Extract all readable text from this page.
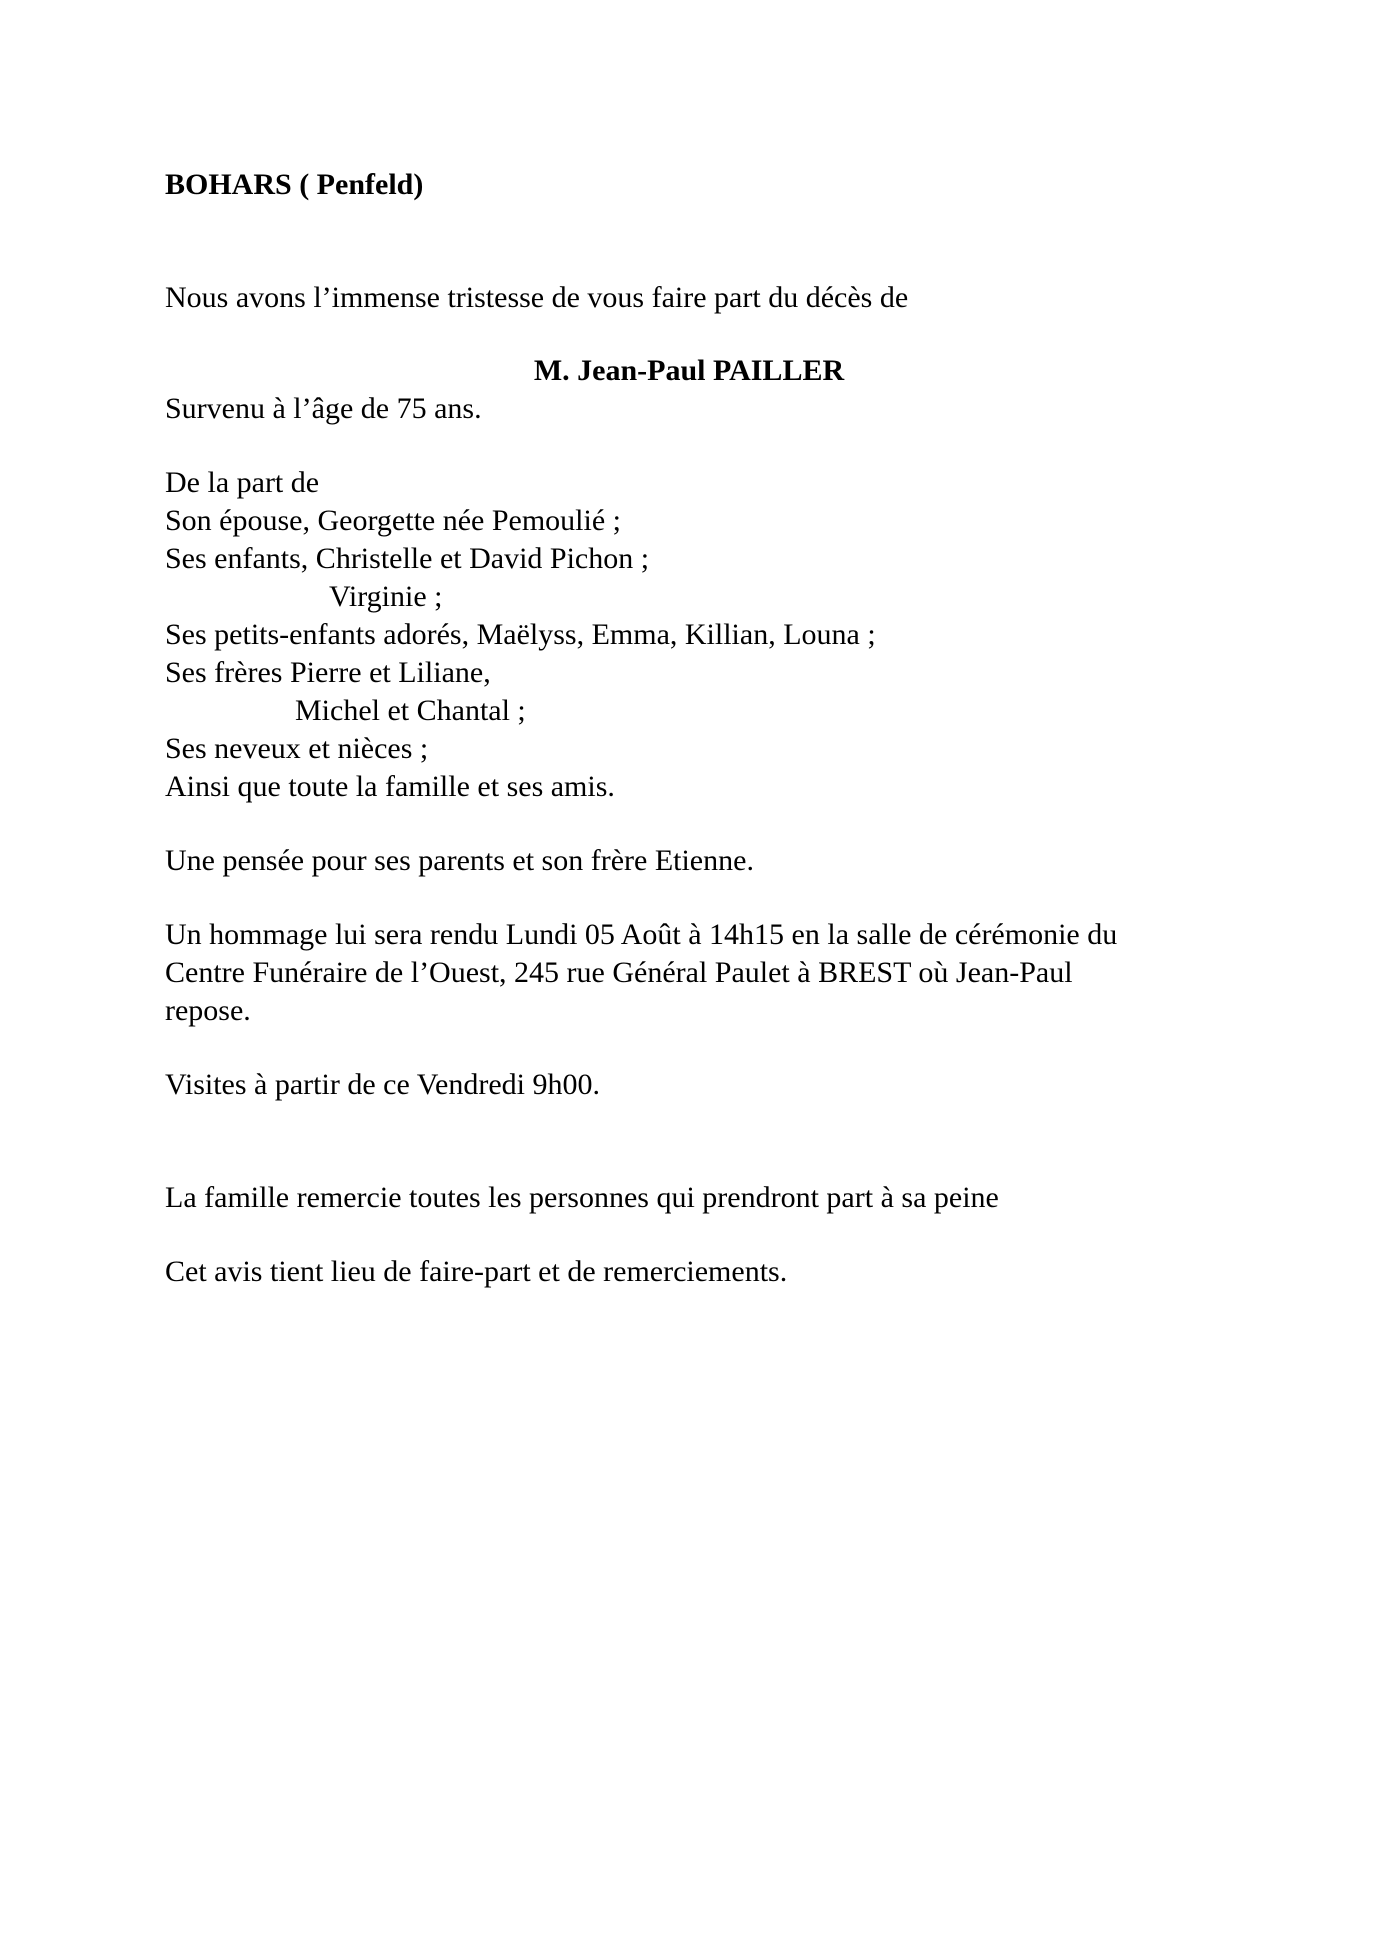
BOHARS ( Penfeld)
Nous avons l’immense tristesse de vous faire part du décès de
M. Jean-Paul PAILLER
Survenu à l’âge de 75 ans.
De la part de
Son épouse, Georgette née Pemoulié ;
Ses enfants, Christelle et David Pichon ;
Virginie ;
Ses petits-enfants adorés, Maëlyss, Emma, Killian, Louna ;
Ses frères Pierre et Liliane,
Michel et Chantal ;
Ses neveux et nièces ;
Ainsi que toute la famille et ses amis.
Une pensée pour ses parents et son frère Etienne.
Un hommage lui sera rendu Lundi 05 Août à 14h15 en la salle de cérémonie du
Centre Funéraire de l’Ouest, 245 rue Général Paulet à BREST où Jean-Paul
repose.
Visites à partir de ce Vendredi 9h00.
La famille remercie toutes les personnes qui prendront part à sa peine
Cet avis tient lieu de faire-part et de remerciements.
